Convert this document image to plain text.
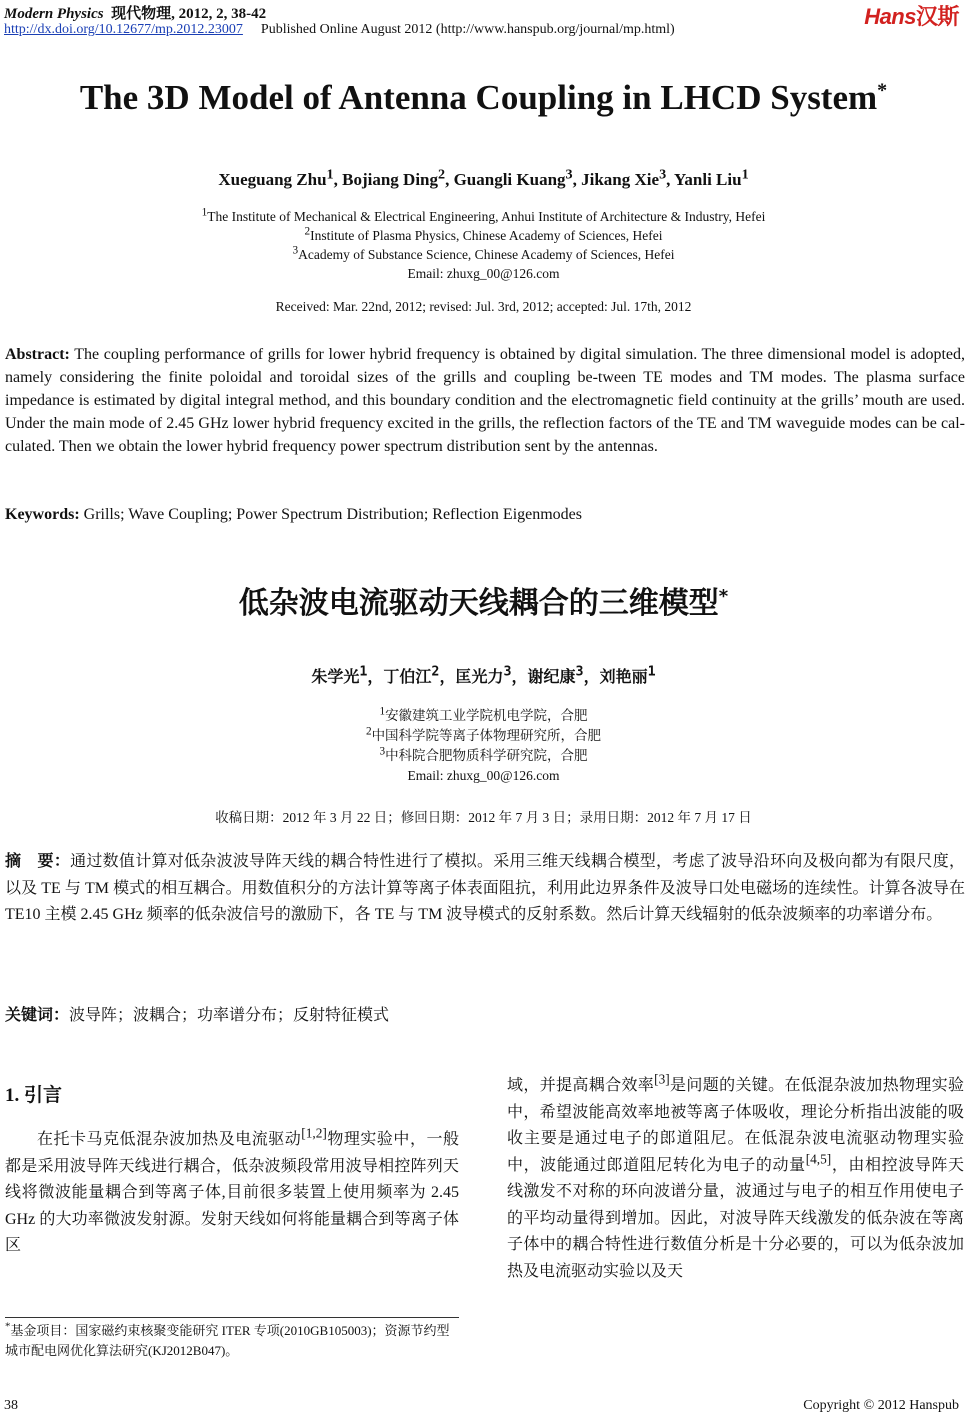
Modern Physics 现代物理, 2012, 2, 38-42
http://dx.doi.org/10.12677/mp.2012.23007 Published Online August 2012 (http://www.hanspub.org/journal/mp.html)
Hans汉斯
The 3D Model of Antenna Coupling in LHCD System*
Xueguang Zhu$^1$, Bojiang Ding$^2$, Guangli Kuang$^3$, Jikang Xie$^3$, Yanli Liu$^1$
$^1$The Institute of Mechanical & Electrical Engineering, Anhui Institute of Architecture & Industry, Hefei
$^2$Institute of Plasma Physics, Chinese Academy of Sciences, Hefei
$^3$Academy of Substance Science, Chinese Academy of Sciences, Hefei
Email: zhuxg_00@126.com
Received: Mar. 22nd, 2012; revised: Jul. 3rd, 2012; accepted: Jul. 17th, 2012
Abstract: The coupling performance of grills for lower hybrid frequency is obtained by digital simulation. The three dimensional model is adopted, namely considering the finite poloidal and toroidal sizes of the grills and coupling be-tween TE modes and TM modes. The plasma surface impedance is estimated by digital integral method, and this boundary condition and the electromagnetic field continuity at the grills’ mouth are used. Under the main mode of 2.45 GHz lower hybrid frequency excited in the grills, the reflection factors of the TE and TM waveguide modes can be cal-culated. Then we obtain the lower hybrid frequency power spectrum distribution sent by the antennas.
Keywords: Grills; Wave Coupling; Power Spectrum Distribution; Reflection Eigenmodes
低杂波电流驱动天线耦合的三维模型*
朱学光$^1$，丁伯江$^2$，匡光力$^3$，谢纪康$^3$，刘艳丽$^1$
$^1$安徽建筑工业学院机电学院，合肥
$^2$中国科学院等离子体物理研究所，合肥
$^3$中科院合肥物质科学研究院，合肥
Email: zhuxg_00@126.com
收稿日期：2012 年 3 月 22 日；修回日期：2012 年 7 月 3 日；录用日期：2012 年 7 月 17 日
摘　要：通过数值计算对低杂波波导阵天线的耦合特性进行了模拟。采用三维天线耦合模型，考虑了波导沿环向及极向都为有限尺度，以及 TE 与 TM 模式的相互耦合。用数值积分的方法计算等离子体表面阻抗，利用此边界条件及波导口处电磁场的连续性。计算各波导在 TE10 主模 2.45 GHz 频率的低杂波信号的激励下，各 TE 与 TM 波导模式的反射系数。然后计算天线辐射的低杂波频率的功率谱分布。
关键词：波导阵；波耦合；功率谱分布；反射特征模式
1. 引言
在托卡马克低混杂波加热及电流驱动[1,2]物理实验中，一般都是采用波导阵天线进行耦合，低杂波频段常用波导相控阵列天线将微波能量耦合到等离子体,目前很多装置上使用频率为 2.45 GHz 的大功率微波发射源。发射天线如何将能量耦合到等离子体区
域，并提高耦合效率[3]是问题的关键。在低混杂波加热物理实验中，希望波能高效率地被等离子体吸收，理论分析指出波能的吸收主要是通过电子的郎道阻尼。在低混杂波电流驱动物理实验中，波能通过郎道阻尼转化为电子的动量[4,5]，由相控波导阵天线激发不对称的环向波谱分量，波通过与电子的相互作用使电子的平均动量得到增加。因此，对波导阵天线激发的低杂波在等离子体中的耦合特性进行数值分析是十分必要的，可以为低杂波加热及电流驱动实验以及天
*基金项目：国家磁约束核聚变能研究 ITER 专项(2010GB105003)；资源节约型城市配电网优化算法研究(KJ2012B047)。
38	Copyright © 2012 Hanspub
